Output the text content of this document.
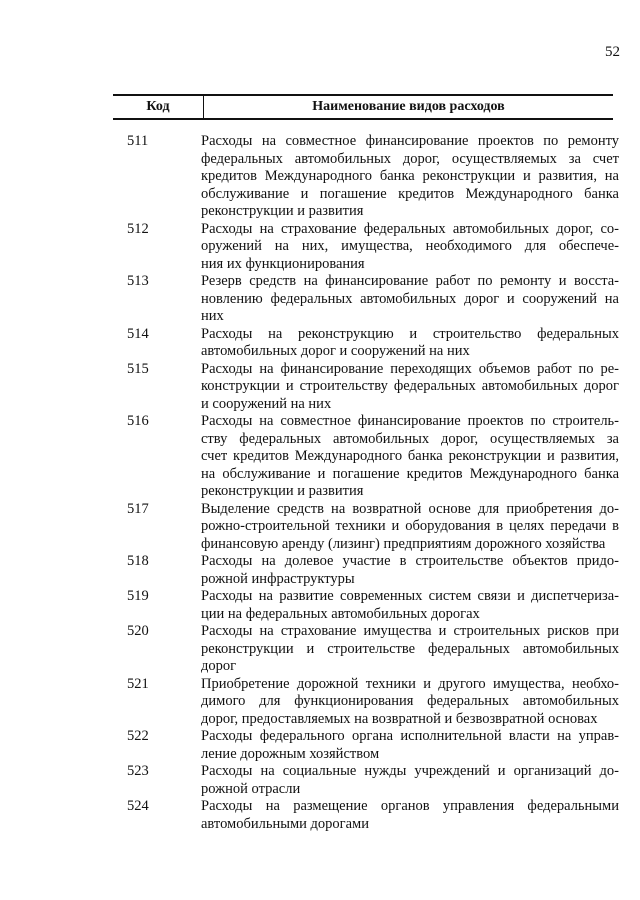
52
Код	Наименование видов расходов
511	Расходы на совместное финансирование проектов по ремонту
федеральных автомобильных дорог, осуществляемых за счет
кредитов Международного банка реконструкции и развития, на
обслуживание и погашение кредитов Международного банка
реконструкции и развития
512	Расходы на страхование федеральных автомобильных дорог, со-
оружений на них, имущества, необходимого для обеспече-
ния их функционирования
513	Резерв средств на финансирование работ по ремонту и восста-
новлению федеральных автомобильных дорог и сооружений на
них
514	Расходы на реконструкцию и строительство федеральных
автомобильных дорог и сооружений на них
515	Расходы на финансирование переходящих объемов работ по ре-
конструкции и строительству федеральных автомобильных дорог
и сооружений на них
516	Расходы на совместное финансирование проектов по строитель-
ству федеральных автомобильных дорог, осуществляемых за
счет кредитов Международного банка реконструкции и развития,
на обслуживание и погашение кредитов Международного банка
реконструкции и развития
517	Выделение средств на возвратной основе для приобретения до-
рожно-строительной техники и оборудования в целях передачи в
финансовую аренду (лизинг) предприятиям дорожного хозяйства
518	Расходы на долевое участие в строительстве объектов придо-
рожной инфраструктуры
519	Расходы на развитие современных систем связи и диспетчериза-
ции на федеральных автомобильных дорогах
520	Расходы на страхование имущества и строительных рисков при
реконструкции и строительстве федеральных автомобильных
дорог
521	Приобретение дорожной техники и другого имущества, необхо-
димого для функционирования федеральных автомобильных
дорог, предоставляемых на возвратной и безвозвратной основах
522	Расходы федерального органа исполнительной власти на управ-
ление дорожным хозяйством
523	Расходы на социальные нужды учреждений и организаций до-
рожной отрасли
524	Расходы на размещение органов управления федеральными
автомобильными дорогами
